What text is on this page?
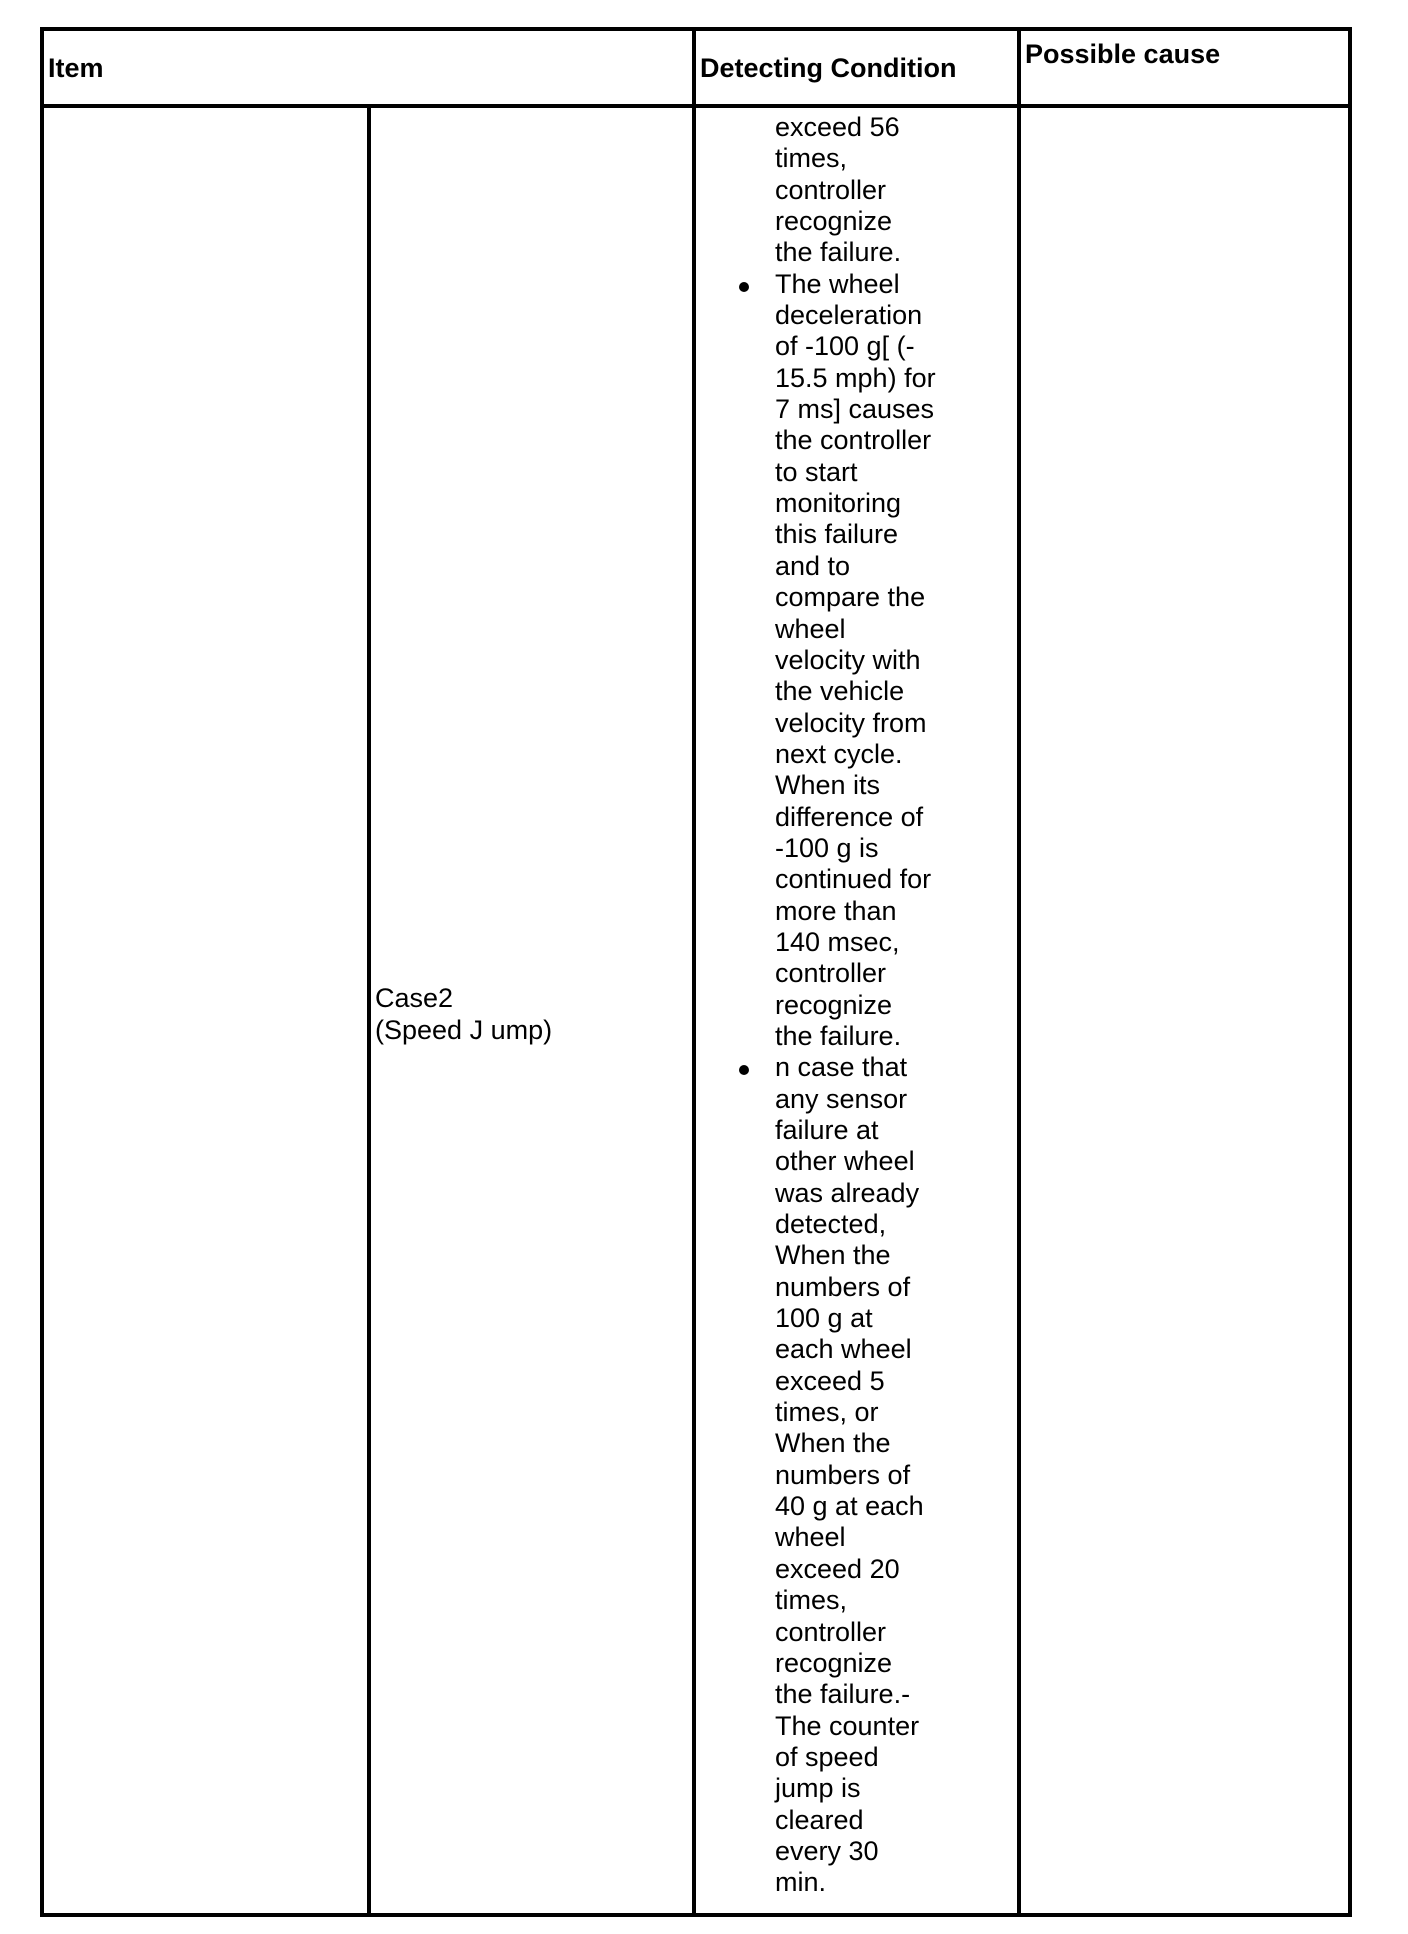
Item	Detecting Condition	Possible cause
Case2
(Speed J ump)
exceed 56
times,
controller
recognize
the failure.
The wheel
deceleration
of -100 g[ (-
15.5 mph) for
7 ms] causes
the controller
to start
monitoring
this failure
and to
compare the
wheel
velocity with
the vehicle
velocity from
next cycle.
When its
difference of
-100 g is
continued for
more than
140 msec,
controller
recognize
the failure.
n case that
any sensor
failure at
other wheel
was already
detected,
When the
numbers of
100 g at
each wheel
exceed 5
times, or
When the
numbers of
40 g at each
wheel
exceed 20
times,
controller
recognize
the failure.-
The counter
of speed
jump is
cleared
every 30
min.
